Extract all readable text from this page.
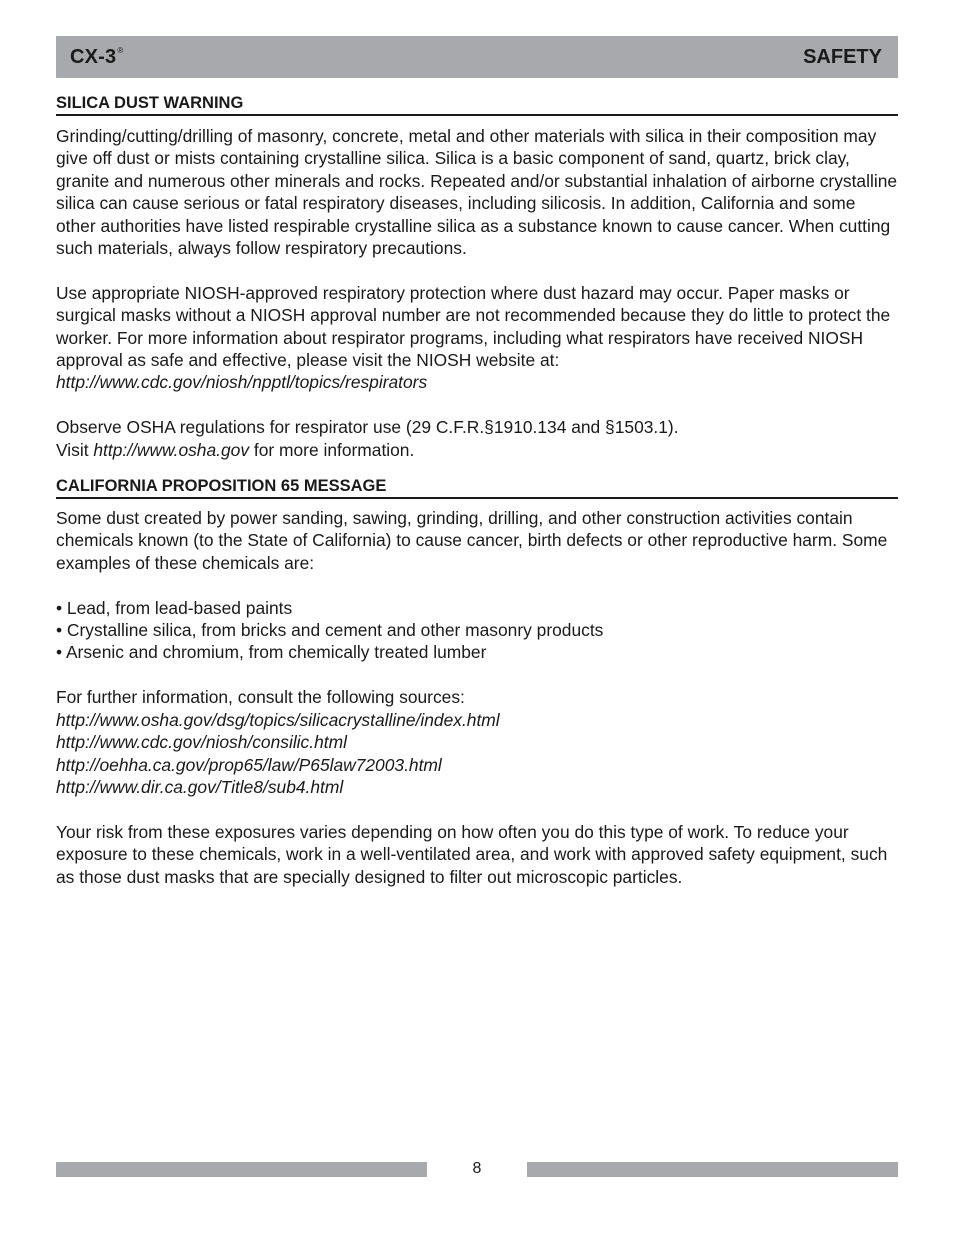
CX-3®	SAFETY
SILICA DUST WARNING

Grinding/cutting/drilling of masonry, concrete, metal and other materials with silica in their composition may give off dust or mists containing crystalline silica. Silica is a basic component of sand, quartz, brick clay, granite and numerous other minerals and rocks. Repeated and/or substantial inhalation of airborne crystalline silica can cause serious or fatal respiratory diseases, including silicosis. In addition, California and some other authorities have listed respirable crystalline silica as a substance known to cause cancer. When cutting such materials, always follow respiratory precautions.

Use appropriate NIOSH-approved respiratory protection where dust hazard may occur. Paper masks or surgical masks without a NIOSH approval number are not recommended because they do little to protect the worker. For more information about respirator programs, including what respirators have received NIOSH approval as safe and effective, please visit the NIOSH website at:

http://www.cdc.gov/niosh/npptl/topics/respirators

Observe OSHA regulations for respirator use (29 C.F.R.§1910.134 and §1503.1).

Visit http://www.osha.gov for more information.

CALIFORNIA PROPOSITION 65 MESSAGE

Some dust created by power sanding, sawing, grinding, drilling, and other construction activities contain chemicals known (to the State of California) to cause cancer, birth defects or other reproductive harm. Some examples of these chemicals are:

• Lead, from lead-based paints

• Crystalline silica, from bricks and cement and other masonry products

• Arsenic and chromium, from chemically treated lumber

For further information, consult the following sources:

http://www.osha.gov/dsg/topics/silicacrystalline/index.html

http://www.cdc.gov/niosh/consilic.html

http://oehha.ca.gov/prop65/law/P65law72003.html

http://www.dir.ca.gov/Title8/sub4.html

Your risk from these exposures varies depending on how often you do this type of work. To reduce your exposure to these chemicals, work in a well-ventilated area, and work with approved safety equipment, such as those dust masks that are specially designed to filter out microscopic particles.

8
